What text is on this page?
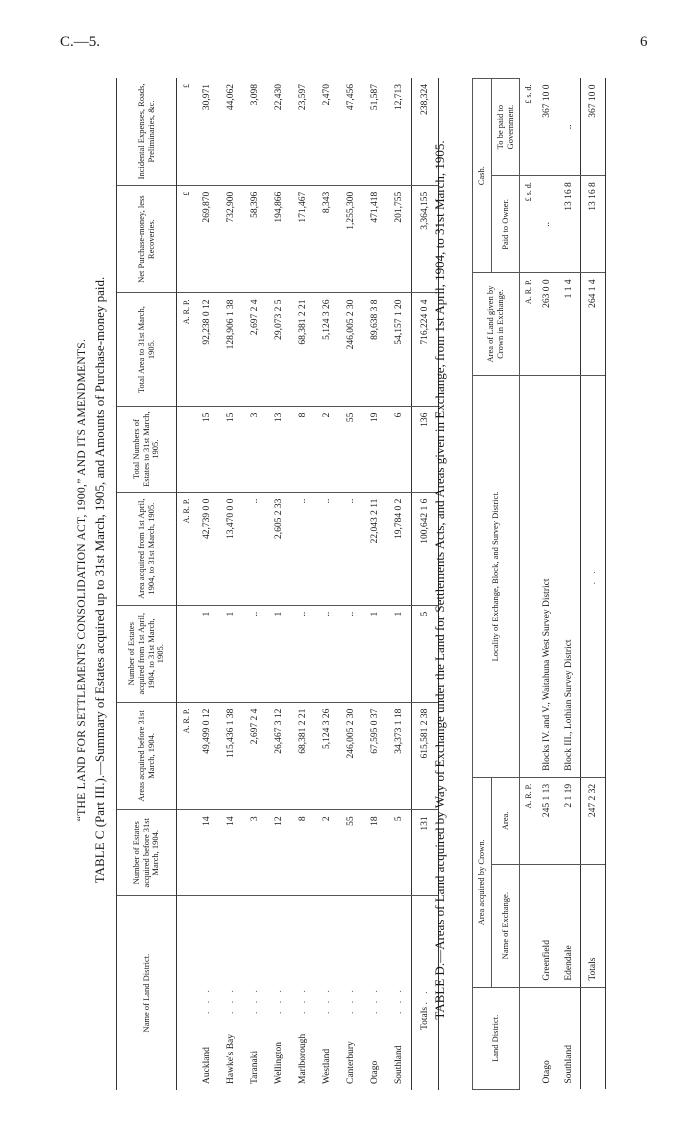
C.—5.	6
“THE LAND FOR SETTLEMENTS CONSOLIDATION ACT, 1900,” AND ITS AMENDMENTS. TABLE C (Part III.).—Summary of Estates acquired up to 31st March, 1905, and Amounts of Purchase-money paid.
Name of Land District.	Number of Estates acquired before 31st March, 1904.	Areas acquired before 31st March, 1904.	Number of Estates acquired from 1st April, 1904, to 31st March, 1905.	Area acquired from 1st April, 1904, to 31st March, 1905.	Total Numbers of Estates to 31st March, 1905.	Total Area to 31st March, 1905.	Net Purchase-money, less Recoveries.	Incidental Expenses, Roads, Preliminaries, &c.
		A. R. P.		A. R. P.		A. R. P.	£	£
Auckland. . .	14	49,499 0 12	1	42,739 0 0	15	92,238 0 12	269,870	30,971
Hawke's Bay. . .	14	115,436 1 38	1	13,470 0 0	15	128,906 1 38	732,900	44,062
Taranaki. . .	3	2,697 2 4	..	..	3	2,697 2 4	58,396	3,098
Wellington. . .	12	26,467 3 12	1	2,605 2 33	13	29,073 2 5	194,866	22,430
Marlborough. . .	8	68,381 2 21	..	..	8	68,381 2 21	171,467	23,597
Westland. . .	2	5,124 3 26	..	..	2	5,124 3 26	8,343	2,470
Canterbury. . .	55	246,005 2 30	..	..	55	246,005 2 30	1,255,300	47,456
Otago. . .	18	67,595 0 37	1	22,043 2 11	19	89,638 3 8	471,418	51,587
Southland. . .	5	34,373 1 18	1	19,784 0 2	6	54,157 1 20	201,755	12,713
Totals . .	131	615,581 2 38	5	100,642 1 6	136	716,224 0 4	3,364,155	238,324
TABLE D.—Areas of Land acquired by Way of Exchange under the Land for Settlements Acts, and Areas given in Exchange, from 1st April, 1904, to 31st March, 1905.
Land District.	Area acquired by Crown.		Locality of Exchange, Block, and Survey District.	Area of Land given by Crown in Exchange.	Cash.	
	Name of Exchange.	Area.			Paid to Owner.	To be paid to Government.
		A. R. P.		A. R. P.	£ s. d.	£ s. d.
Otago	Greenfield	245 1 13	Blocks IV. and V., Waitahuna West Survey District	263 0 0	..	367 10 0
Southland	Edendale	2 1 19	Block III., Lothian Survey District	1 1 4	13 16 8	..
	Totals	247 2 32	. .	264 1 4	13 16 8	367 10 0
